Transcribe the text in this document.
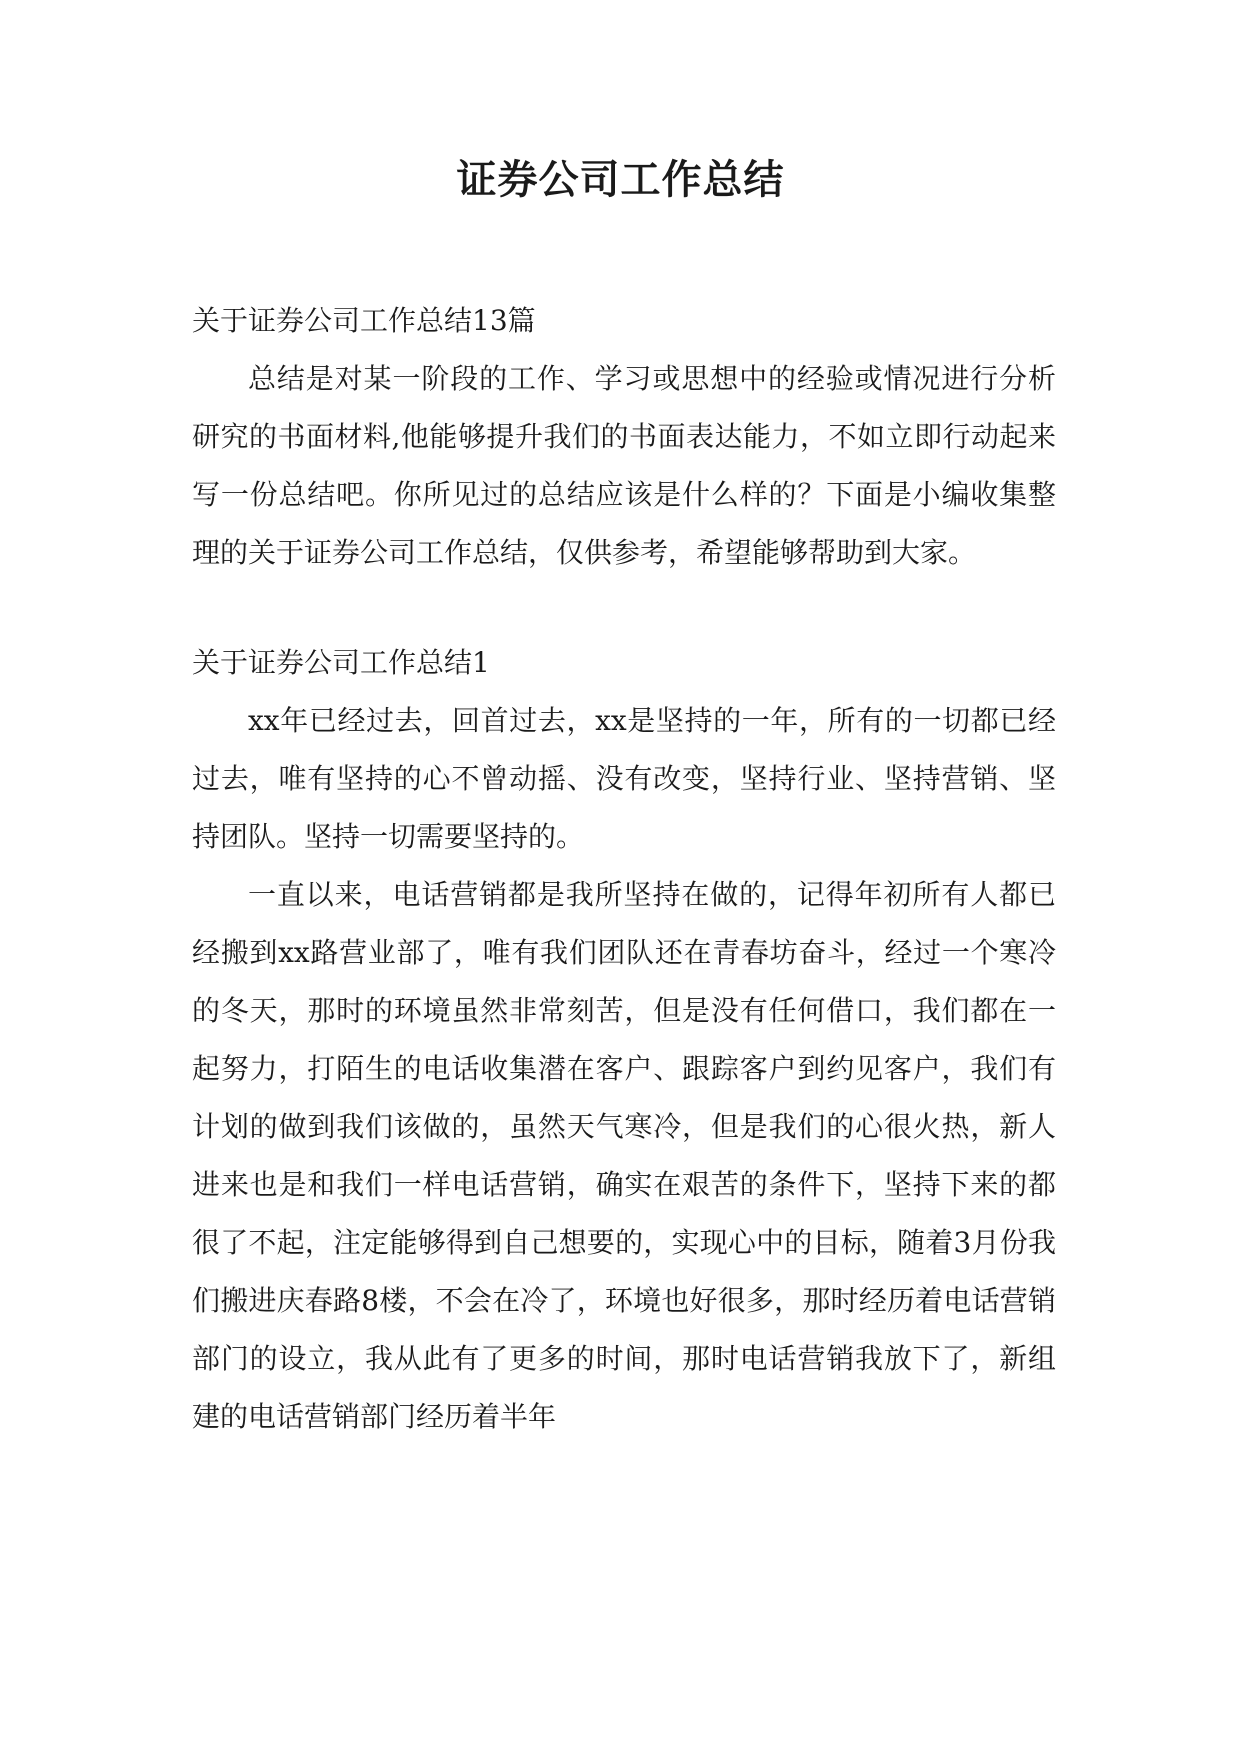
证券公司工作总结

关于证券公司工作总结13篇

总结是对某一阶段的工作、学习或思想中的经验或情况进行分析研究的书面材料,他能够提升我们的书面表达能力，不如立即行动起来写一份总结吧。你所见过的总结应该是什么样的？下面是小编收集整理的关于证券公司工作总结，仅供参考，希望能够帮助到大家。

关于证券公司工作总结1

xx年已经过去，回首过去，xx是坚持的一年，所有的一切都已经过去，唯有坚持的心不曾动摇、没有改变，坚持行业、坚持营销、坚持团队。坚持一切需要坚持的。

一直以来，电话营销都是我所坚持在做的，记得年初所有人都已经搬到xx路营业部了，唯有我们团队还在青春坊奋斗，经过一个寒冷的冬天，那时的环境虽然非常刻苦，但是没有任何借口，我们都在一起努力，打陌生的电话收集潜在客户、跟踪客户到约见客户，我们有计划的做到我们该做的，虽然天气寒冷，但是我们的心很火热，新人进来也是和我们一样电话营销，确实在艰苦的条件下，坚持下来的都很了不起，注定能够得到自己想要的，实现心中的目标，随着3月份我们搬进庆春路8楼，不会在冷了，环境也好很多，那时经历着电话营销部门的设立，我从此有了更多的时间，那时电话营销我放下了，新组建的电话营销部门经历着半年
